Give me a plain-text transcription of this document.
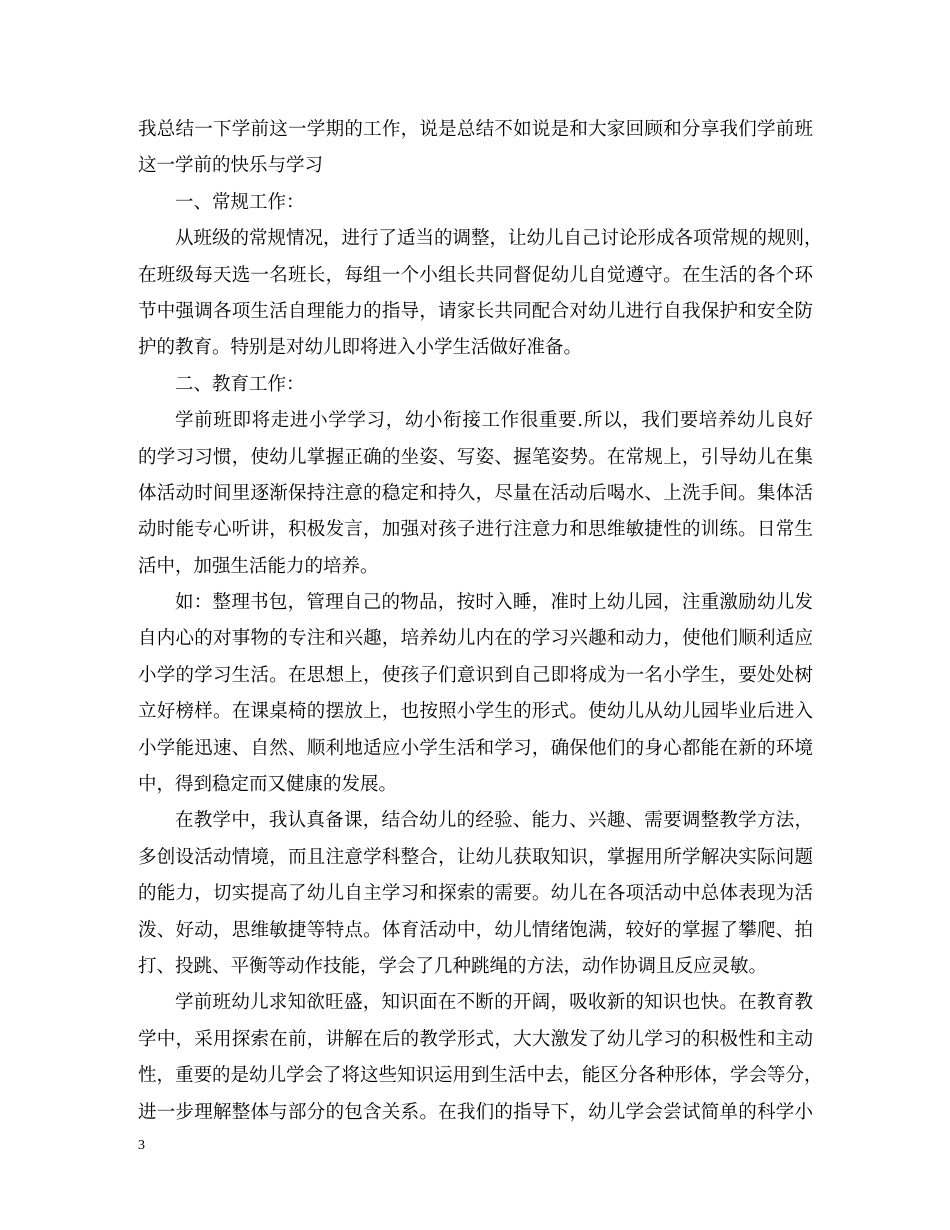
我总结一下学前这一学期的工作，说是总结不如说是和大家回顾和分享我们学前班
这一学前的快乐与学习
一、常规工作：
从班级的常规情况，进行了适当的调整，让幼儿自己讨论形成各项常规的规则，
在班级每天选一名班长，每组一个小组长共同督促幼儿自觉遵守。在生活的各个环
节中强调各项生活自理能力的指导，请家长共同配合对幼儿进行自我保护和安全防
护的教育。特别是对幼儿即将进入小学生活做好准备。
二、教育工作：
学前班即将走进小学学习，幼小衔接工作很重要.所以，我们要培养幼儿良好
的学习习惯，使幼儿掌握正确的坐姿、写姿、握笔姿势。在常规上，引导幼儿在集
体活动时间里逐渐保持注意的稳定和持久，尽量在活动后喝水、上洗手间。集体活
动时能专心听讲，积极发言，加强对孩子进行注意力和思维敏捷性的训练。日常生
活中，加强生活能力的培养。
如：整理书包，管理自己的物品，按时入睡，准时上幼儿园，注重激励幼儿发
自内心的对事物的专注和兴趣，培养幼儿内在的学习兴趣和动力，使他们顺利适应
小学的学习生活。在思想上，使孩子们意识到自己即将成为一名小学生，要处处树
立好榜样。在课桌椅的摆放上，也按照小学生的形式。使幼儿从幼儿园毕业后进入
小学能迅速、自然、顺利地适应小学生活和学习，确保他们的身心都能在新的环境
中，得到稳定而又健康的发展。
在教学中，我认真备课，结合幼儿的经验、能力、兴趣、需要调整教学方法，
多创设活动情境，而且注意学科整合，让幼儿获取知识，掌握用所学解决实际问题
的能力，切实提高了幼儿自主学习和探索的需要。幼儿在各项活动中总体表现为活
泼、好动，思维敏捷等特点。体育活动中，幼儿情绪饱满，较好的掌握了攀爬、拍
打、投跳、平衡等动作技能，学会了几种跳绳的方法，动作协调且反应灵敏。
学前班幼儿求知欲旺盛，知识面在不断的开阔，吸收新的知识也快。在教育教
学中，采用探索在前，讲解在后的教学形式，大大激发了幼儿学习的积极性和主动
性，重要的是幼儿学会了将这些知识运用到生活中去，能区分各种形体，学会等分，
进一步理解整体与部分的包含关系。在我们的指导下，幼儿学会尝试简单的科学小
3
